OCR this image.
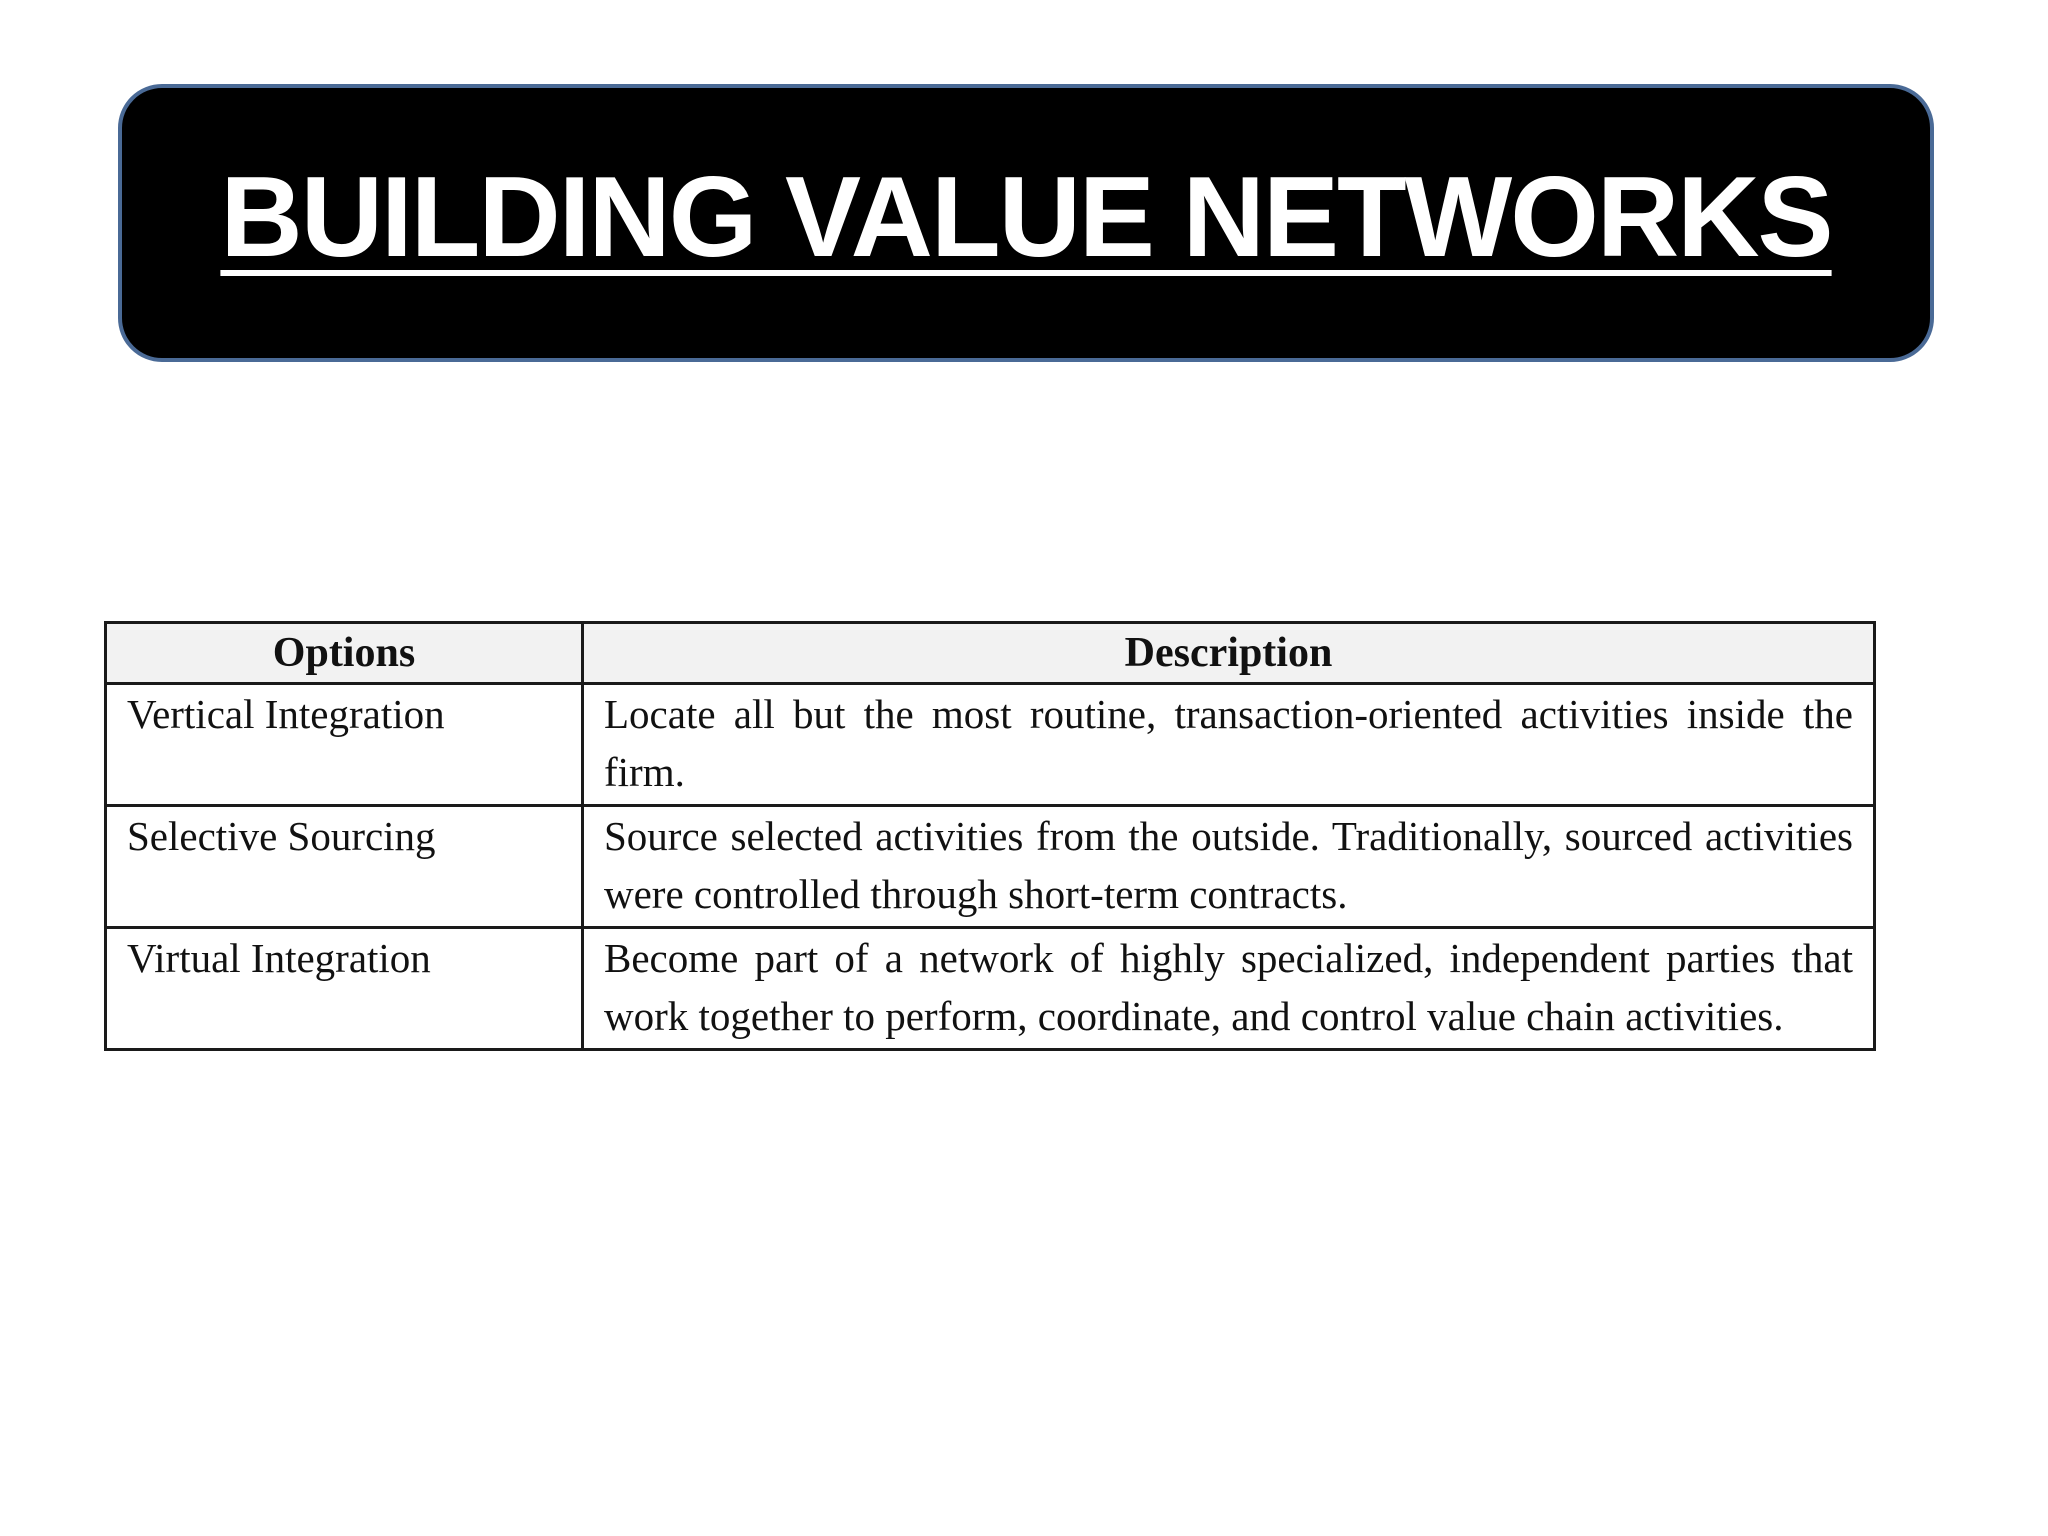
BUILDING VALUE NETWORKS
Options	Description
Vertical Integration	Locate all but the most routine, transaction-oriented activities inside the firm.
Selective Sourcing	Source selected activities from the outside. Traditionally, sourced activities were controlled through short-term contracts.
Virtual Integration	Become part of a network of highly specialized, independent parties that work together to perform, coordinate, and control value chain activities.
